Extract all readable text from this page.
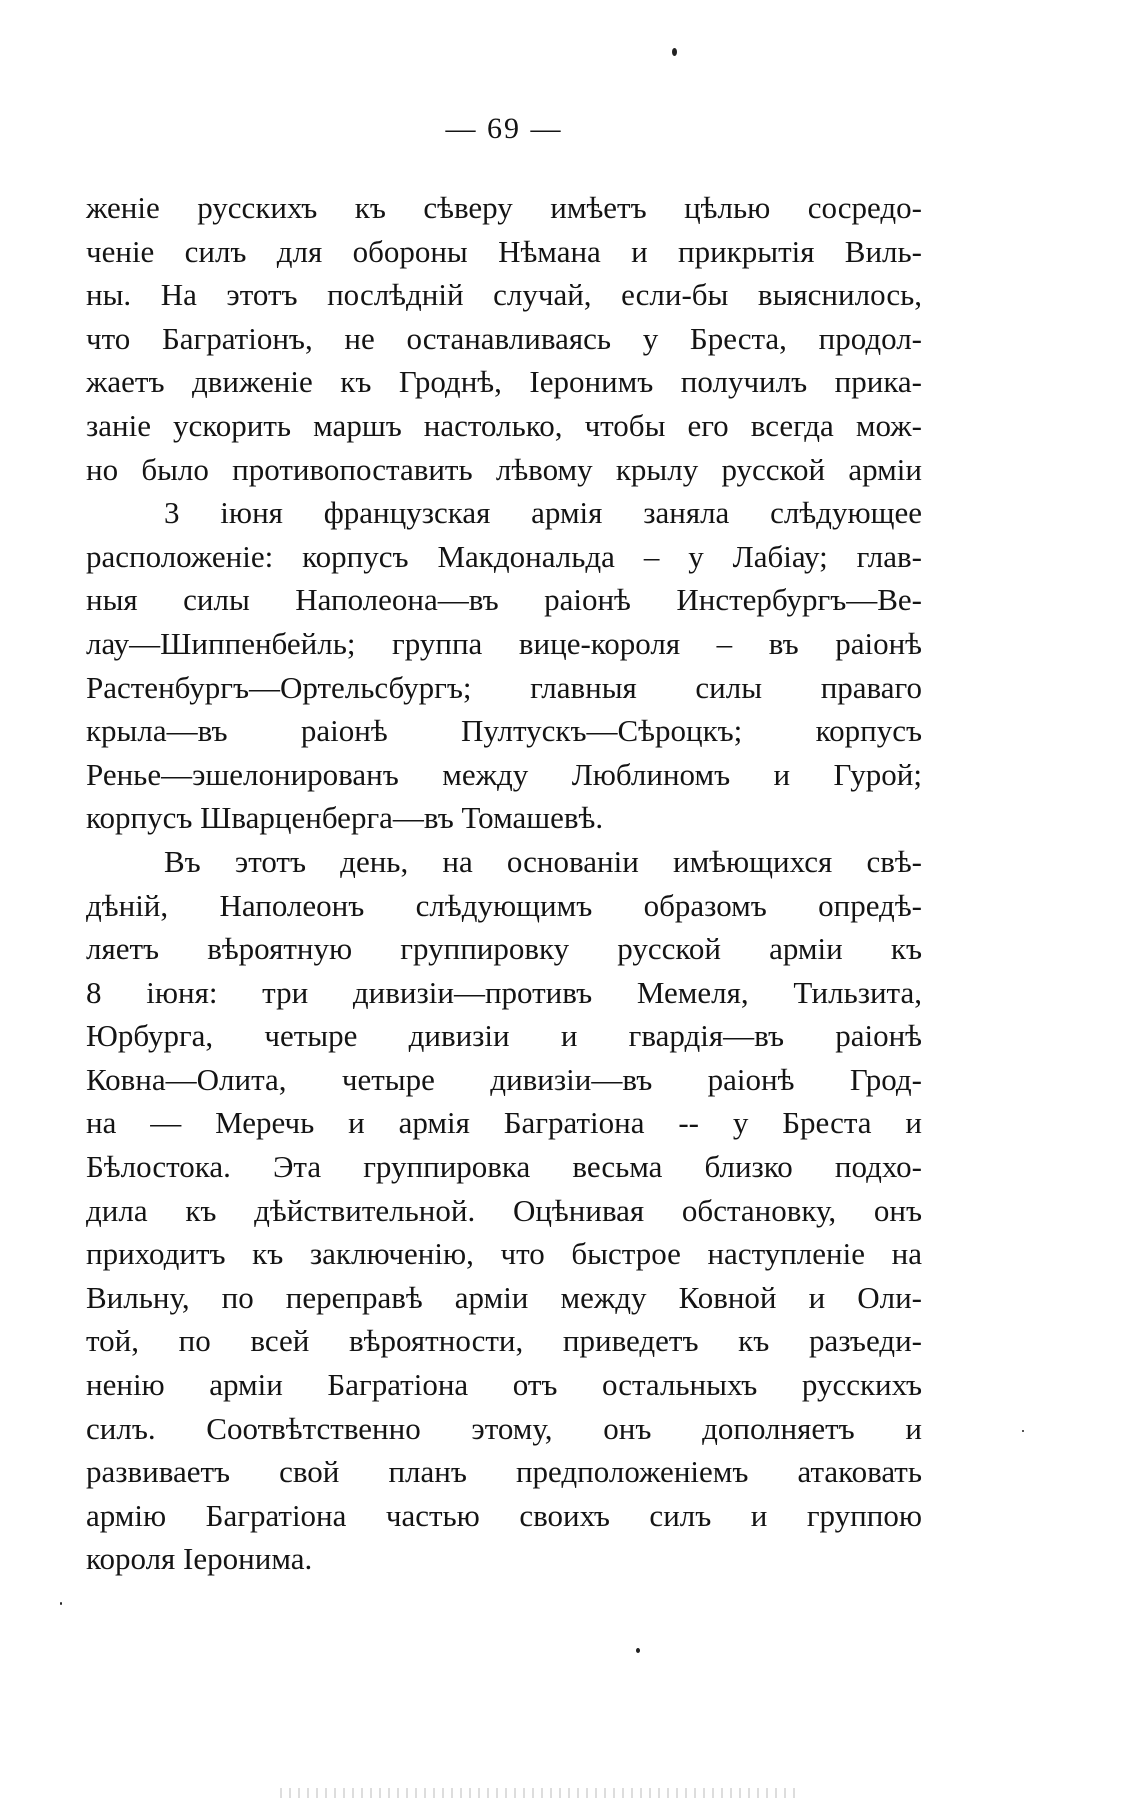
— 69 —
женіе русскихъ къ сѣверу имѣетъ цѣлью сосредо-
ченіе силъ для обороны Нѣмана и прикрытія Виль-
ны. На этотъ послѣдній случай, если-бы выяснилось,
что Багратіонъ, не останавливаясь у Бреста, продол-
жаетъ движеніе къ Гроднѣ, Іеронимъ получилъ прика-
заніе ускорить маршъ настолько, чтобы его всегда мож-
но было противопоставить лѣвому крылу русской арміи
3 іюня французская армія заняла слѣдующее
расположеніе: корпусъ Макдональда – у Лабіау; глав-
ныя силы Наполеона—въ раіонѣ Инстербургъ—Ве-
лау—Шиппенбейль; группа вице-короля – въ раіонѣ
Растенбургъ—Ортельсбургъ; главныя силы праваго
крыла—въ раіонѣ Пултускъ—Сѣроцкъ; корпусъ
Ренье—эшелонированъ между Люблиномъ и Гурой;
корпусъ Шварценберга—въ Томашевѣ.
Въ этотъ день, на основаніи имѣющихся свѣ-
дѣній, Наполеонъ слѣдующимъ образомъ опредѣ-
ляетъ вѣроятную группировку русской арміи къ
8 іюня: три дивизіи—противъ Мемеля, Тильзита,
Юрбурга, четыре дивизіи и гвардія—въ раіонѣ
Ковна—Олита, четыре дивизіи—въ раіонѣ Грод-
на — Меречь и армія Багратіона -- у Бреста и
Бѣлостока. Эта группировка весьма близко подхо-
дила къ дѣйствительной. Оцѣнивая обстановку, онъ
приходитъ къ заключенію, что быстрое наступленіе на
Вильну, по переправѣ арміи между Ковной и Оли-
той, по всей вѣроятности, приведетъ къ разъеди-
ненію арміи Багратіона отъ остальныхъ русскихъ
силъ. Соотвѣтственно этому, онъ дополняетъ и
развиваетъ свой планъ предположеніемъ атаковать
армію Багратіона частью своихъ силъ и группою
короля Іеронима.
